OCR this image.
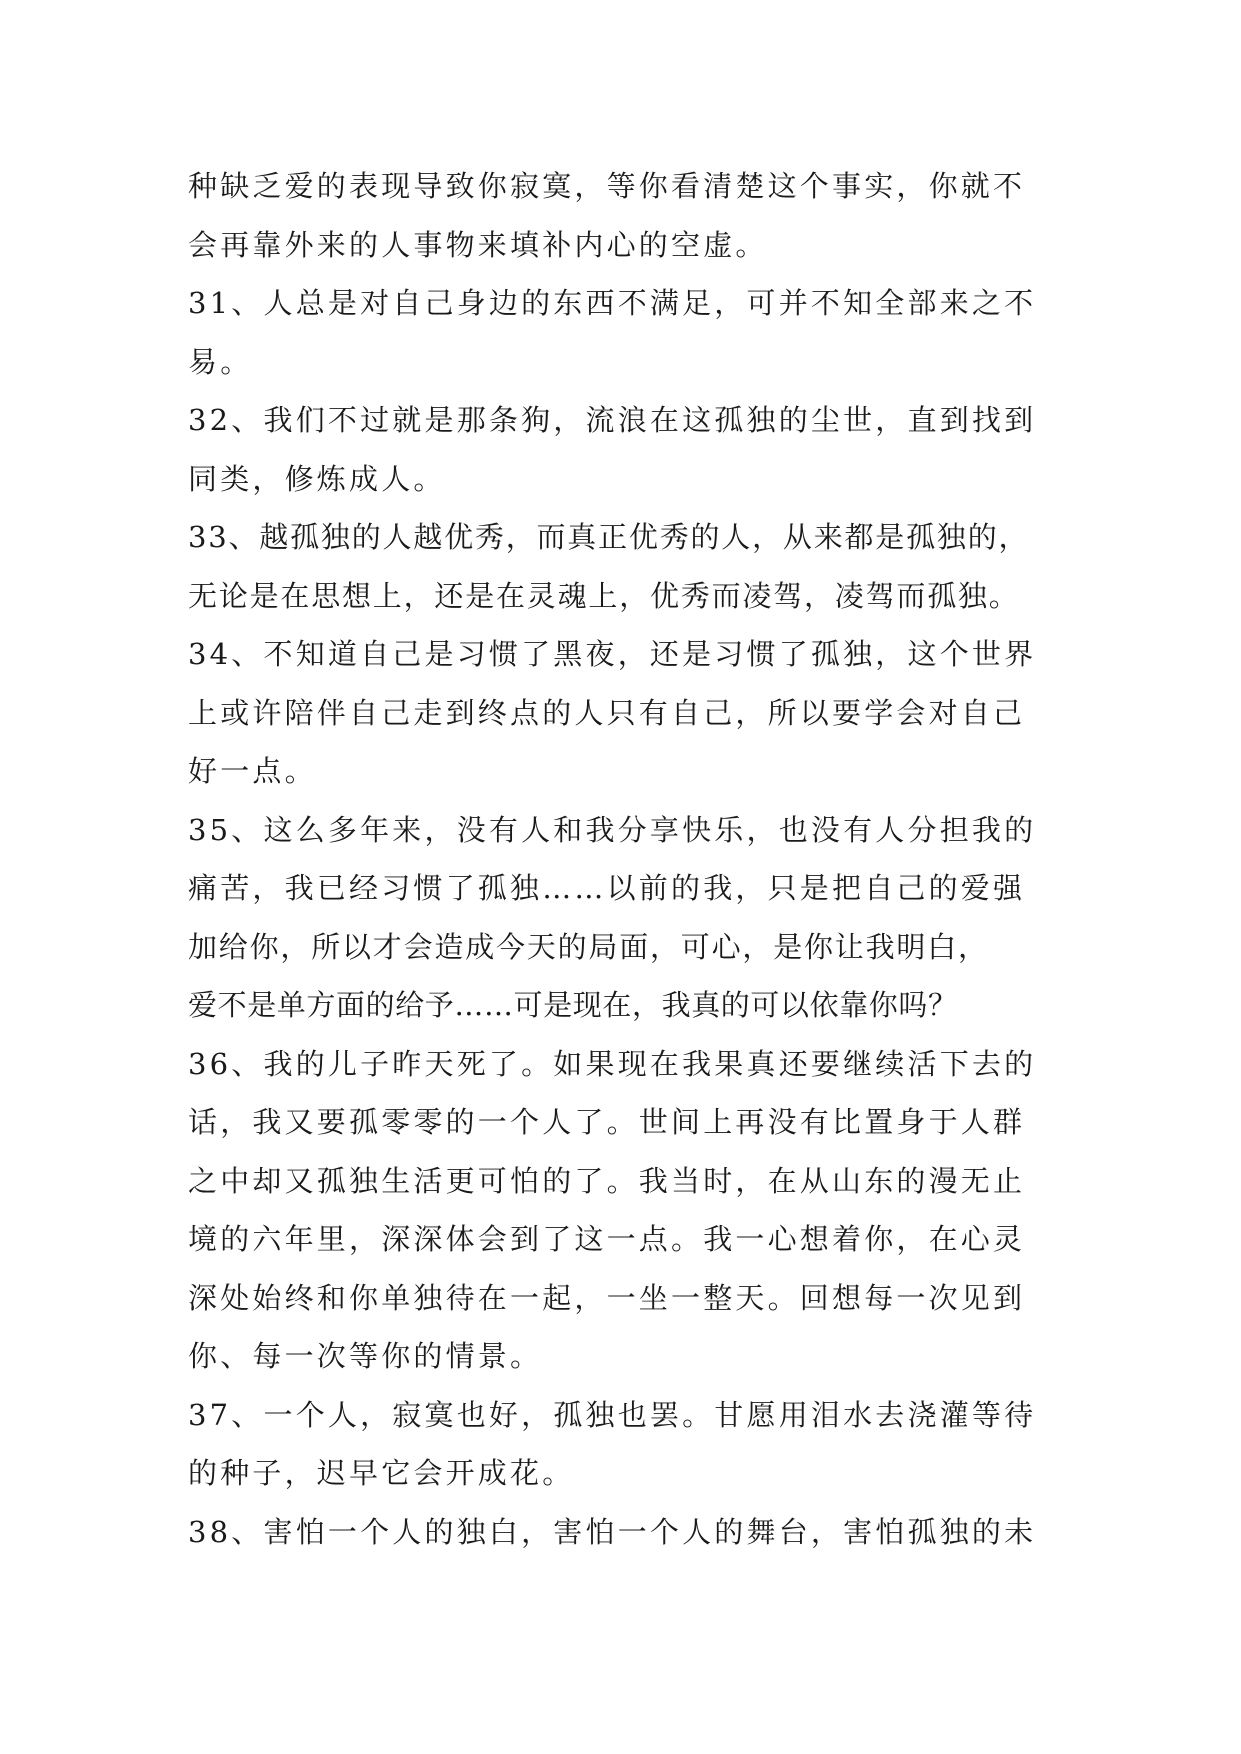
种缺乏爱的表现导致你寂寞，等你看清楚这个事实，你就不
会再靠外来的人事物来填补内心的空虚。
31、人总是对自己身边的东西不满足，可并不知全部来之不
易。
32、我们不过就是那条狗，流浪在这孤独的尘世，直到找到
同类，修炼成人。
33、越孤独的人越优秀，而真正优秀的人，从来都是孤独的，
无论是在思想上，还是在灵魂上，优秀而凌驾，凌驾而孤独。
34、不知道自己是习惯了黑夜，还是习惯了孤独，这个世界
上或许陪伴自己走到终点的人只有自己，所以要学会对自己
好一点。
35、这么多年来，没有人和我分享快乐，也没有人分担我的
痛苦，我已经习惯了孤独……以前的我，只是把自己的爱强
加给你，所以才会造成今天的局面，可心，是你让我明白，
爱不是单方面的给予……可是现在，我真的可以依靠你吗？
36、我的儿子昨天死了。如果现在我果真还要继续活下去的
话，我又要孤零零的一个人了。世间上再没有比置身于人群
之中却又孤独生活更可怕的了。我当时，在从山东的漫无止
境的六年里，深深体会到了这一点。我一心想着你，在心灵
深处始终和你单独待在一起，一坐一整天。回想每一次见到
你、每一次等你的情景。
37、一个人，寂寞也好，孤独也罢。甘愿用泪水去浇灌等待
的种子，迟早它会开成花。
38、害怕一个人的独白，害怕一个人的舞台，害怕孤独的未
